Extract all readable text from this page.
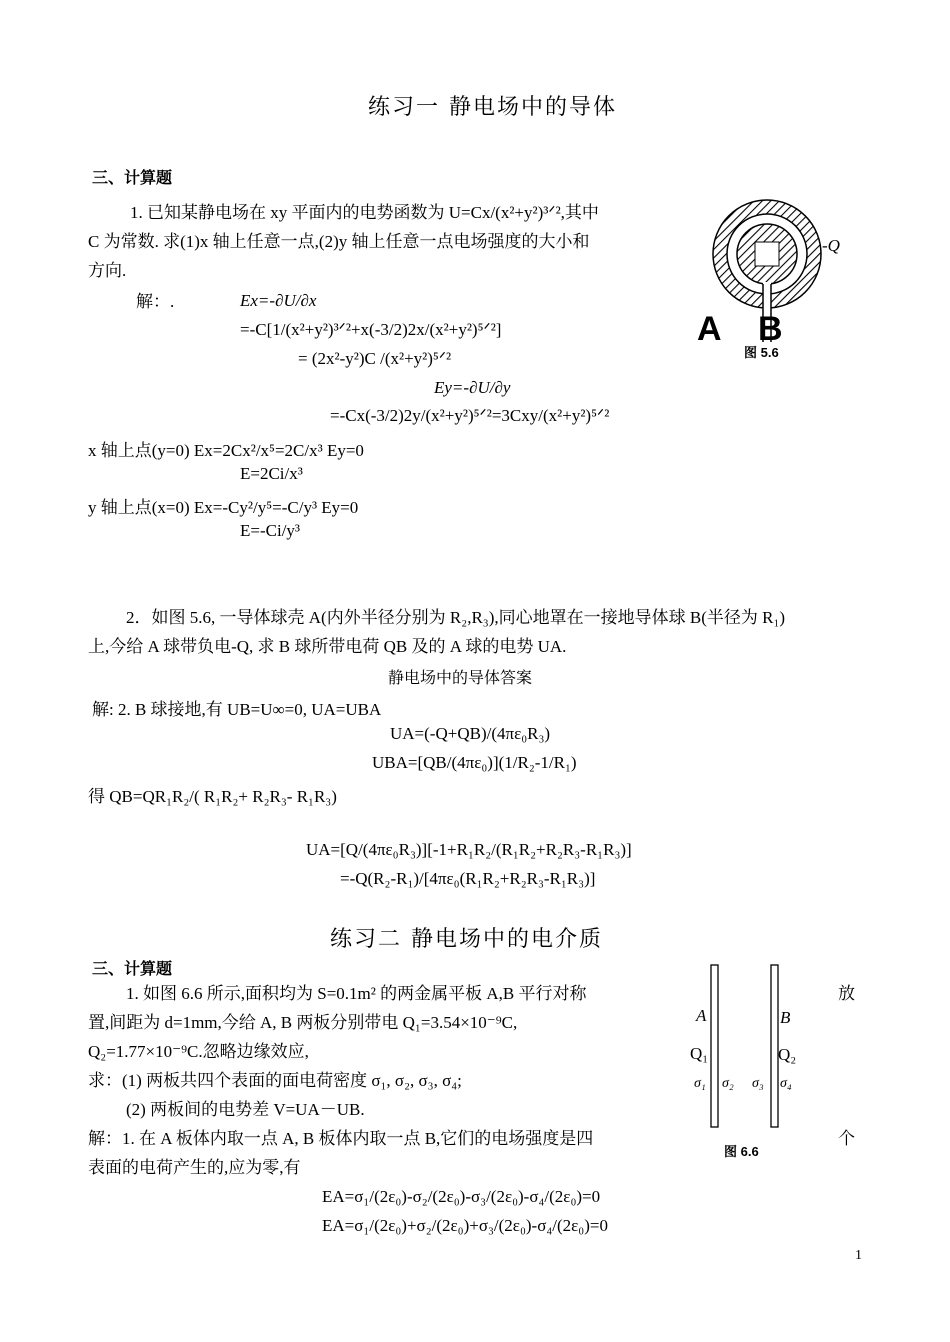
练习一 静电场中的导体
三、计算题
1. 已知某静电场在 xy 平面内的电势函数为 U=Cx/(x²+y²)³ᐟ²,其中
C 为常数. 求(1)x 轴上任意一点,(2)y 轴上任意一点电场强度的大小和
方向.
解：.	Ex=-∂U/∂x
=-C[1/(x²+y²)³ᐟ²+x(-3/2)2x/(x²+y²)⁵ᐟ²]
= (2x²-y²)C /(x²+y²)⁵ᐟ²
Ey=-∂U/∂y
=-Cx(-3/2)2y/(x²+y²)⁵ᐟ²=3Cxy/(x²+y²)⁵ᐟ²
x 轴上点(y=0) Ex=2Cx²/x⁵=2C/x³ Ey=0
E=2Ci/x³
y 轴上点(x=0) Ex=-Cy²/y⁵=-C/y³ Ey=0
E=-Ci/y³
-Q
A B
图 5.6
2．如图 5.6, 一导体球壳 A(内外半径分别为 R₂,R₃),同心地罩在一接地导体球 B(半径为 R₁)
上,今给 A 球带负电-Q, 求 B 球所带电荷 QB 及的 A 球的电势 UA.
静电场中的导体答案
解: 2. B 球接地,有 UB=U∞=0, UA=UBA
UA=(-Q+QB)/(4πε₀R₃)
UBA=[QB/(4πε₀)](1/R₂-1/R₁)
得 QB=QR₁R₂/( R₁R₂+ R₂R₃- R₁R₃)
UA=[Q/(4πε₀R₃)][-1+R₁R₂/(R₁R₂+R₂R₃-R₁R₃)]
=-Q(R₂-R₁)/[4πε₀(R₁R₂+R₂R₃-R₁R₃)]
练习二 静电场中的电介质
三、计算题
1. 如图 6.6 所示,面积均为 S=0.1m² 的两金属平板 A,B 平行对称	放
置,间距为 d=1mm,今给 A, B 两板分别带电 Q₁=3.54×10⁻⁹C,
Q₂=1.77×10⁻⁹C.忽略边缘效应,
求：(1) 两板共四个表面的面电荷密度 σ₁, σ₂, σ₃, σ₄;
(2) 两板间的电势差 V=UA－UB.
解：1. 在 A 板体内取一点 A, B 板体内取一点 B,它们的电场强度是四	个
表面的电荷产生的,应为零,有
EA=σ₁/(2ε₀)-σ₂/(2ε₀)-σ₃/(2ε₀)-σ₄/(2ε₀)=0
EA=σ₁/(2ε₀)+σ₂/(2ε₀)+σ₃/(2ε₀)-σ₄/(2ε₀)=0
A	B
Q₁	Q₂
σ₁ σ₂ σ₃ σ₄
图 6.6
1
